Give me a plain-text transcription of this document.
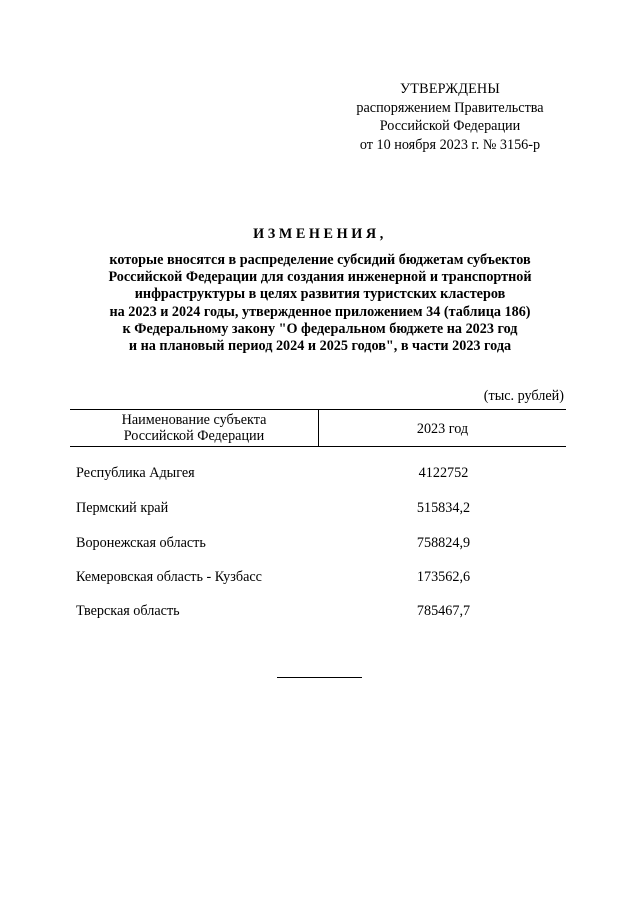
УТВЕРЖДЕНЫ
распоряжением Правительства
Российской Федерации
от 10 ноября 2023 г. № 3156-р
ИЗМЕНЕНИЯ,
которые вносятся в распределение субсидий бюджетам субъектов
Российской Федерации для создания инженерной и транспортной
инфраструктуры в целях развития туристских кластеров
на 2023 и 2024 годы, утвержденное приложением 34 (таблица 186)
к Федеральному закону "О федеральном бюджете на 2023 год
и на плановый период 2024 и 2025 годов", в части 2023 года
(тыс. рублей)
Наименование субъекта
Российской Федерации	2023 год
Республика Адыгея	4122752
Пермский край	515834,2
Воронежская область	758824,9
Кемеровская область - Кузбасс	173562,6
Тверская область	785467,7
